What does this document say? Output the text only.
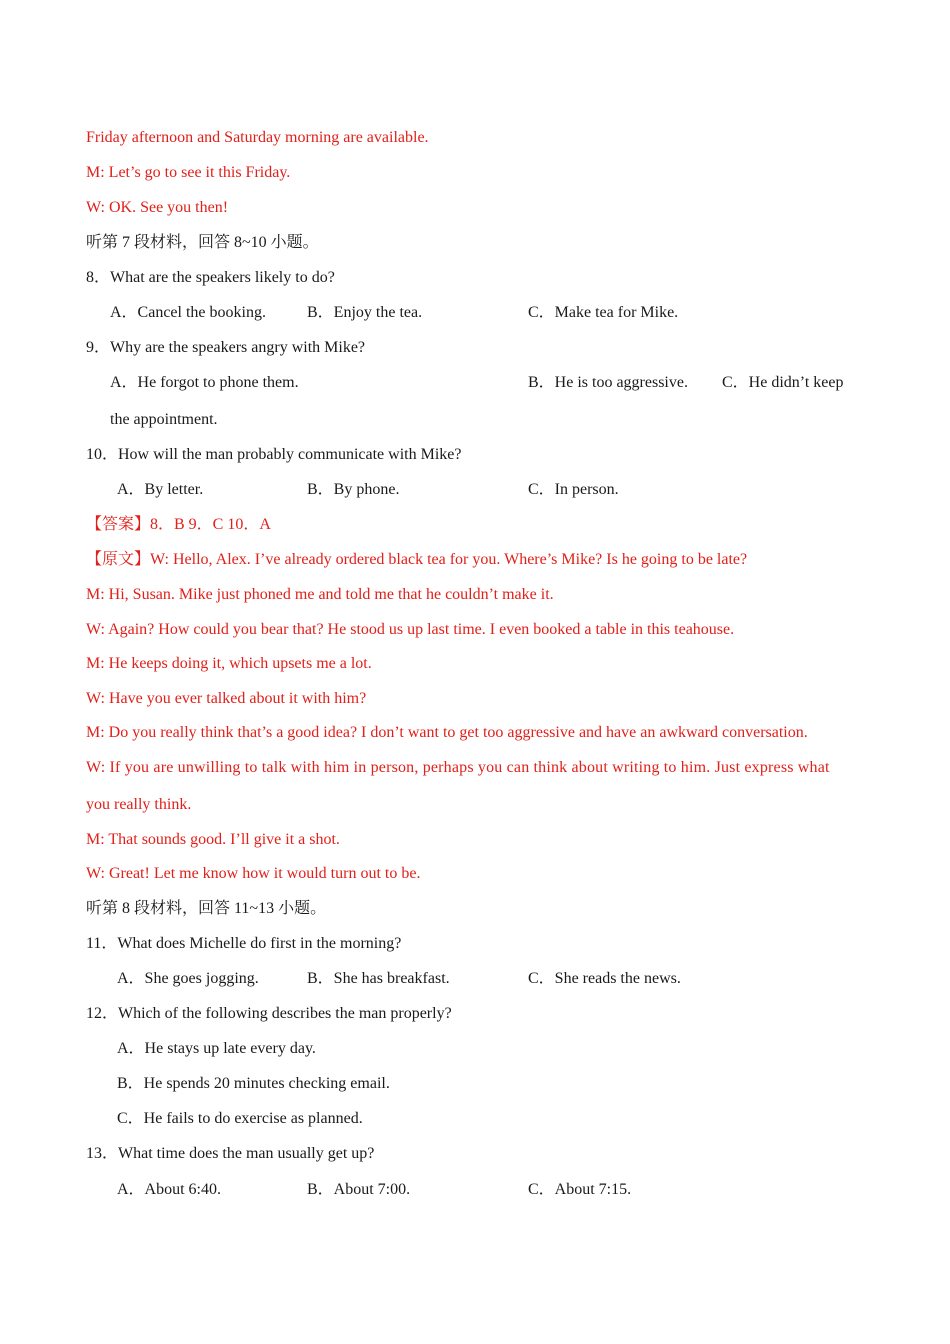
Friday afternoon and Saturday morning are available.
M: Let’s go to see it this Friday.
W: OK. See you then!
听第 7 段材料，回答 8~10 小题。
8．What are the speakers likely to do?
A．Cancel the booking.	B．Enjoy the tea.	C．Make tea for Mike.
9．Why are the speakers angry with Mike?
A．He forgot to phone them.	B．He is too aggressive. C．He didn’t keep
the appointment.
10．How will the man probably communicate with Mike?
A．By letter.	B．By phone.	C．In person.
【答案】8．B 9．C 10．A
【原文】W: Hello, Alex. I’ve already ordered black tea for you. Where’s Mike? Is he going to be late?
M: Hi, Susan. Mike just phoned me and told me that he couldn’t make it.
W: Again? How could you bear that? He stood us up last time. I even booked a table in this teahouse.
M: He keeps doing it, which upsets me a lot.
W: Have you ever talked about it with him?
M: Do you really think that’s a good idea? I don’t want to get too aggressive and have an awkward conversation.
W: If you are unwilling to talk with him in person, perhaps you can think about writing to him. Just express what
you really think.
M: That sounds good. I’ll give it a shot.
W: Great! Let me know how it would turn out to be.
听第 8 段材料，回答 11~13 小题。
11．What does Michelle do first in the morning?
A．She goes jogging.	B．She has breakfast.	C．She reads the news.
12．Which of the following describes the man properly?
A．He stays up late every day.
B．He spends 20 minutes checking email.
C．He fails to do exercise as planned.
13．What time does the man usually get up?
A．About 6:40.	B．About 7:00.	C．About 7:15.
